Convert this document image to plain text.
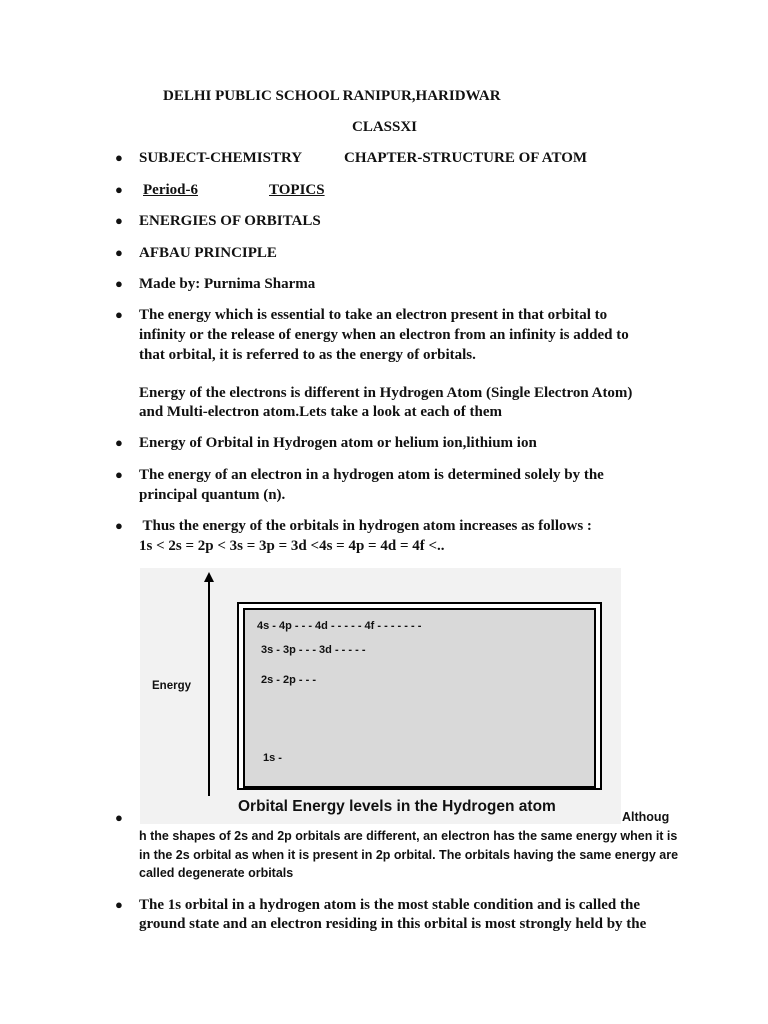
DELHI PUBLIC SCHOOL RANIPUR,HARIDWAR
CLASSXI
● SUBJECT-CHEMISTRY	CHAPTER-STRUCTURE OF ATOM
● Period-6	TOPICS
● ENERGIES OF ORBITALS
● AFBAU PRINCIPLE
● Made by: Purnima Sharma
● The energy which is essential to take an electron present in that orbital to
infinity or the release of energy when an electron from an infinity is added to
that orbital, it is referred to as the energy of orbitals.
Energy of the electrons is different in Hydrogen Atom (Single Electron Atom)
and Multi-electron atom.Lets take a look at each of them
● Energy of Orbital in Hydrogen atom or helium ion,lithium ion
● The energy of an electron in a hydrogen atom is determined solely by the
principal quantum (n).
● Thus the energy of the orbitals in hydrogen atom increases as follows :
1s < 2s = 2p < 3s = 3p = 3d <4s = 4p = 4d = 4f <..
Energy
4s - 4p - - - 4d - - - - - 4f - - - - - - -
3s - 3p - - - 3d - - - - -
2s - 2p - - -
1s -
Orbital Energy levels in the Hydrogen atom
●	Althoug
h the shapes of 2s and 2p orbitals are different, an electron has the same energy when it is
in the 2s orbital as when it is present in 2p orbital. The orbitals having the same energy are
called degenerate orbitals
● The 1s orbital in a hydrogen atom is the most stable condition and is called the
ground state and an electron residing in this orbital is most strongly held by the
